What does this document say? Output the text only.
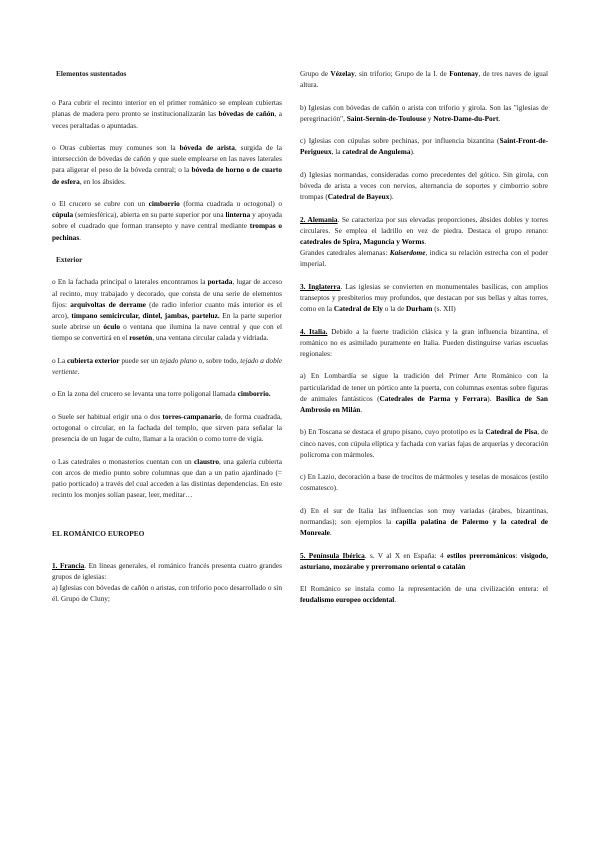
Elementos sustentados

o Para cubrir el recinto interior en el primer románico se emplean cubiertas planas de madera pero pronto se institucionalizarán las bóvedas de cañón, a veces peraltadas o apuntadas.

o Otras cubiertas muy comunes son la bóveda de arista, surgida de la intersección de bóvedas de cañón y que suele emplearse en las naves laterales para aligerar el peso de la bóveda central; o la bóveda de horno o de cuarto de esfera, en los ábsides.

o El crucero se cubre con un cimborrio (forma cuadrada u octogonal) o cúpula (semiesférica), abierta en su parte superior por una linterna y apoyada sobre el cuadrado que forman transepto y nave central mediante trompas o pechinas.

Exterior

o En la fachada principal o laterales encontramos la portada, lugar de acceso al recinto, muy trabajado y decorado, que consta de una serie de elementos fijos: arquivoltas de derrame (de radio inferior cuanto más interior es el arco), tímpano semicircular, dintel, jambas, parteluz. En la parte superior suele abrirse un óculo o ventana que ilumina la nave central y que con el tiempo se convertirá en el rosetón, una ventana circular calada y vidriada.

o La cubierta exterior puede ser un tejado plano o, sobre todo, tejado a doble vertiente.

o En la zona del crucero se levanta una torre poligonal llamada cimborrio.

o Suele ser habitual erigir una o dos torres-campanario, de forma cuadrada, octogonal o circular, en la fachada del templo, que sirven para señalar la presencia de un lugar de culto, llamar a la oración o como torre de vigía.

o Las catedrales o monasterios cuentan con un claustro, una galería cubierta con arcos de medio punto sobre columnas que dan a un patio ajardinado (= patio porticado) a través del cual acceden a las distintas dependencias. En este recinto los monjes solían pasear, leer, meditar…

EL ROMÁNICO EUROPEO

1. Francia. En líneas generales, el románico francés presenta cuatro grandes grupos de iglesias:

a) Iglesias con bóvedas de cañón o aristas, con triforio poco desarrollado o sin él. Grupo de Cluny;

Grupo de Vézelay, sin triforio; Grupo de la I. de Fontenay, de tres naves de igual altura.

b) Iglesias con bóvedas de cañón o arista con triforio y girola. Son las "iglesias de peregrinación", Saint-Sernin-de-Toulouse y Notre-Dame-du-Port.

c) Iglesias con cúpulas sobre pechinas, por influencia bizantina (Saint-Front-de-Perigueux, la catedral de Angulema).

d) Iglesias normandas, consideradas como precedentes del gótico. Sin girola, con bóveda de arista a veces con nervios, alternancia de soportes y cimborrio sobre trompas (Catedral de Bayeux).

2. Alemania. Se caracteriza por sus elevadas proporciones, ábsides dobles y torres circulares. Se emplea el ladrillo en vez de piedra. Destaca el grupo renano: catedrales de Spira, Maguncia y Worms.

Grandes catedrales alemanas: Kaiserdome, indica su relación estrecha con el poder imperial.

3. Inglaterra. Las iglesias se convierten en monumentales basílicas, con amplios transeptos y presbiterios muy profundos, que destacan por sus bellas y altas torres, como en la Catedral de Ely o la de Durham (s. XII)

4. Italia. Debido a la fuerte tradición clásica y la gran influencia bizantina, el románico no es asimilado puramente en Italia. Pueden distinguirse varias escuelas regionales:

a) En Lombardía se sigue la tradición del Primer Arte Románico con la particularidad de tener un pórtico ante la puerta, con columnas exentas sobre figuras de animales fantásticos (Catedrales de Parma y Ferrara). Basílica de San Ambrosio en Milán.

b) En Toscana se destaca el grupo pisano, cuyo prototipo es la Catedral de Pisa, de cinco naves, con cúpula elíptica y fachada con varias fajas de arquerías y decoración polícroma con mármoles.

c) En Lazio, decoración a base de trocitos de mármoles y teselas de mosaicos (estilo cosmatesco).

d) En el sur de Italia las influencias son muy variadas (árabes, bizantinas, normandas); son ejemplos la capilla palatina de Palermo y la catedral de Monreale.

5. Península Ibérica. s. V al X en España: 4 estilos prerrománicos: visigodo, asturiano, mozárabe y prerromano oriental o catalán

El Románico se instala como la representación de una civilización entera: el feudalismo europeo occidental.
